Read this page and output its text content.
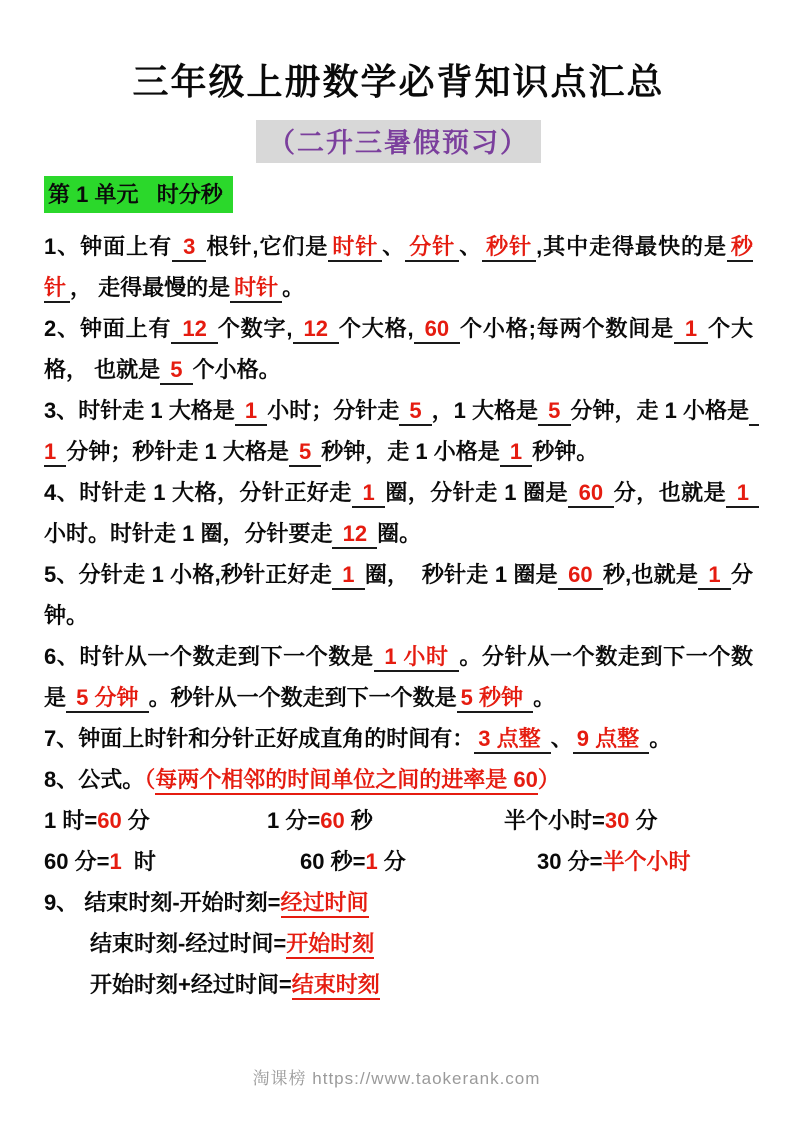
三年级上册数学必背知识点汇总
（二升三暑假预习）
第 1 单元   时分秒

1、钟面上有 3 根针,它们是 时针 、 分针 、 秒针 ,其中走得最快的是 秒针 ， 走得最慢的是 时针 。

2、钟面上有 12 个数字, 12 个大格, 60 个小格;每两个数间是 1 个大格， 也就是 5 个小格。

3、时针走 1 大格是 1 小时；分针走 5 ，1 大格是 5 分钟，走 1 小格是 1 分钟；秒针走 1 大格是 5 秒钟，走 1 小格是 1 秒钟。

4、时针走 1 大格，分针正好走 1 圈，分针走 1 圈是 60 分，也就是 1 小时。时针走 1 圈，分针要走 12 圈。

5、分针走 1 小格,秒针正好走 1 圈，  秒针走 1 圈是 60 秒,也就是 1 分钟。

6、时针从一个数走到下一个数是 1 小时 。分针从一个数走到下一个数是 5 分钟 。秒针从一个数走到下一个数是 5 秒钟 。

7、钟面上时针和分针正好成直角的时间有： 3 点整 、 9 点整 。

8、公式。（每两个相邻的时间单位之间的进率是 60）

1 时=60 分	1 分=60 秒	半个小时=30 分
60 分=1  时	60 秒=1 分	30 分=半个小时

9、 结束时刻-开始时刻=经过时间

结束时刻-经过时间=开始时刻

开始时刻+经过时间=结束时刻

淘课榜 https://www.taokerank.com
